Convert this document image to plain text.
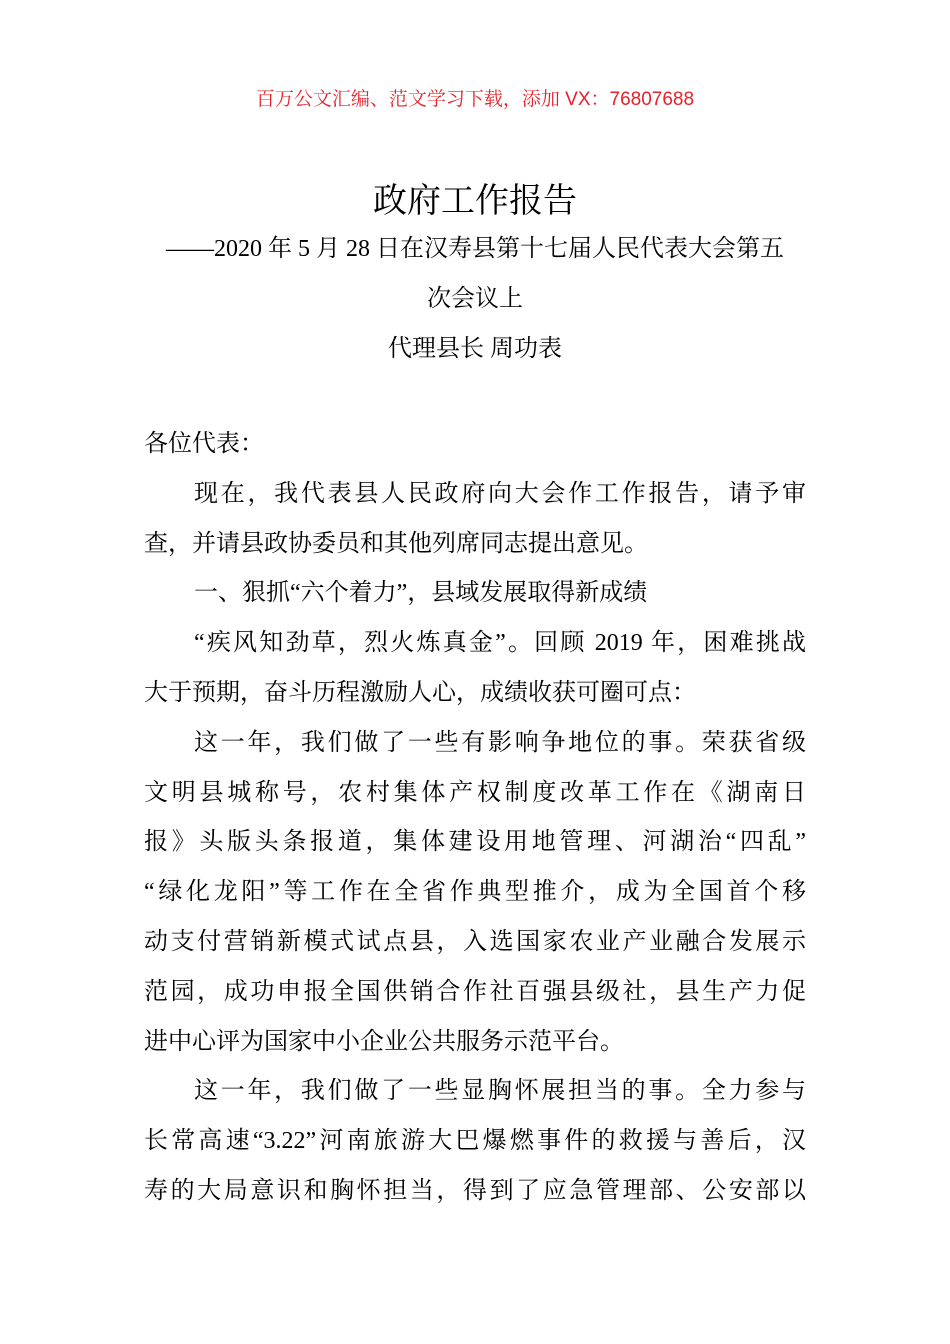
百万公文汇编、范文学习下载，添加 VX：76807688
政府工作报告
——2020 年 5 月 28 日在汉寿县第十七届人民代表大会第五
次会议上
代理县长 周功表
各位代表：
现在，我代表县人民政府向大会作工作报告，请予审
查，并请县政协委员和其他列席同志提出意见。
一、狠抓“六个着力”，县域发展取得新成绩
“疾风知劲草，烈火炼真金”。回顾 2019 年，困难挑战
大于预期，奋斗历程激励人心，成绩收获可圈可点：
这一年，我们做了一些有影响争地位的事。荣获省级
文明县城称号，农村集体产权制度改革工作在《湖南日
报》头版头条报道，集体建设用地管理、河湖治“四乱”
“绿化龙阳”等工作在全省作典型推介，成为全国首个移
动支付营销新模式试点县，入选国家农业产业融合发展示
范园，成功申报全国供销合作社百强县级社，县生产力促
进中心评为国家中小企业公共服务示范平台。
这一年，我们做了一些显胸怀展担当的事。全力参与
长常高速“3.22”河南旅游大巴爆燃事件的救援与善后，汉
寿的大局意识和胸怀担当，得到了应急管理部、公安部以
